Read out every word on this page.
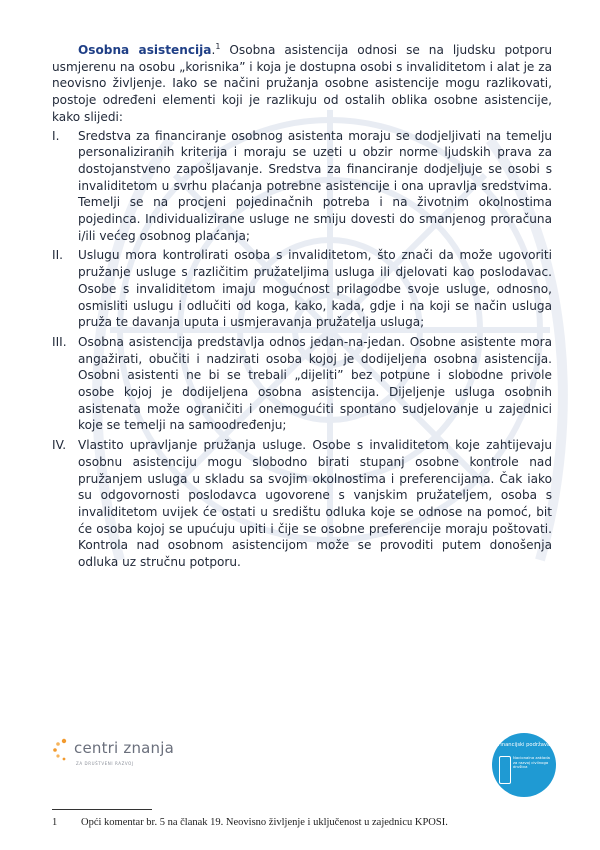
Osobna asistencija.$^1$ Osobna asistencija odnosi se na ljudsku potporu usmjerenu na osobu „korisnika” i koja je dostupna osobi s invaliditetom i alat je za neovisno življenje. Iako se načini pružanja osobne asistencije mogu razlikovati, postoje određeni elementi koji je razlikuju od ostalih oblika osobne asistencije, kako slijedi:

I. Sredstva za financiranje osobnog asistenta moraju se dodjeljivati na temelju personaliziranih kriterija i moraju se uzeti u obzir norme ljudskih prava za dostojanstveno zapošljavanje. Sredstva za financiranje dodjeljuje se osobi s invaliditetom u svrhu plaćanja potrebne asistencije i ona upravlja sredstvima. Temelji se na procjeni pojedinačnih potreba i na životnim okolnostima pojedinca. Individualizirane usluge ne smiju dovesti do smanjenog proračuna i/ili većeg osobnog plaćanja;
II. Uslugu mora kontrolirati osoba s invaliditetom, što znači da može ugovoriti pružanje usluge s različitim pružateljima usluga ili djelovati kao poslodavac. Osobe s invaliditetom imaju mogućnost prilagodbe svoje usluge, odnosno, osmisliti uslugu i odlučiti od koga, kako, kada, gdje i na koji se način usluga pruža te davanja uputa i usmjeravanja pružatelja usluga;
III. Osobna asistencija predstavlja odnos jedan-na-jedan. Osobne asistente mora angažirati, obučiti i nadzirati osoba kojoj je dodijeljena osobna asistencija. Osobni asistenti ne bi se trebali „dijeliti” bez potpune i slobodne privole osobe kojoj je dodijeljena osobna asistencija. Dijeljenje usluga osobnih asistenata može ograničiti i onemogućiti spontano sudjelovanje u zajednici koje se temelji na samoodređenju;
IV. Vlastito upravljanje pružanja usluge. Osobe s invaliditetom koje zahtijevaju osobnu asistenciju mogu slobodno birati stupanj osobne kontrole nad pružanjem usluga u skladu sa svojim okolnostima i preferencijama. Čak iako su odgovornosti poslodavca ugovorene s vanjskim pružateljem, osoba s invaliditetom uvijek će ostati u središtu odluka koje se odnose na pomoć, bit će osoba kojoj se upućuju upiti i čije se osobne preferencije moraju poštovati. Kontrola nad osobnom asistencijom može se provoditi putem donošenja odluka uz stručnu potporu.
centri znanja
ZA DRUŠTVENI RAZVOJ
Financijski podržava
Nacionalna zaklada za razvoj civilnoga društva
1 Opći komentar br. 5 na članak 19. Neovisno življenje i uključenost u zajednicu KPOSI.
